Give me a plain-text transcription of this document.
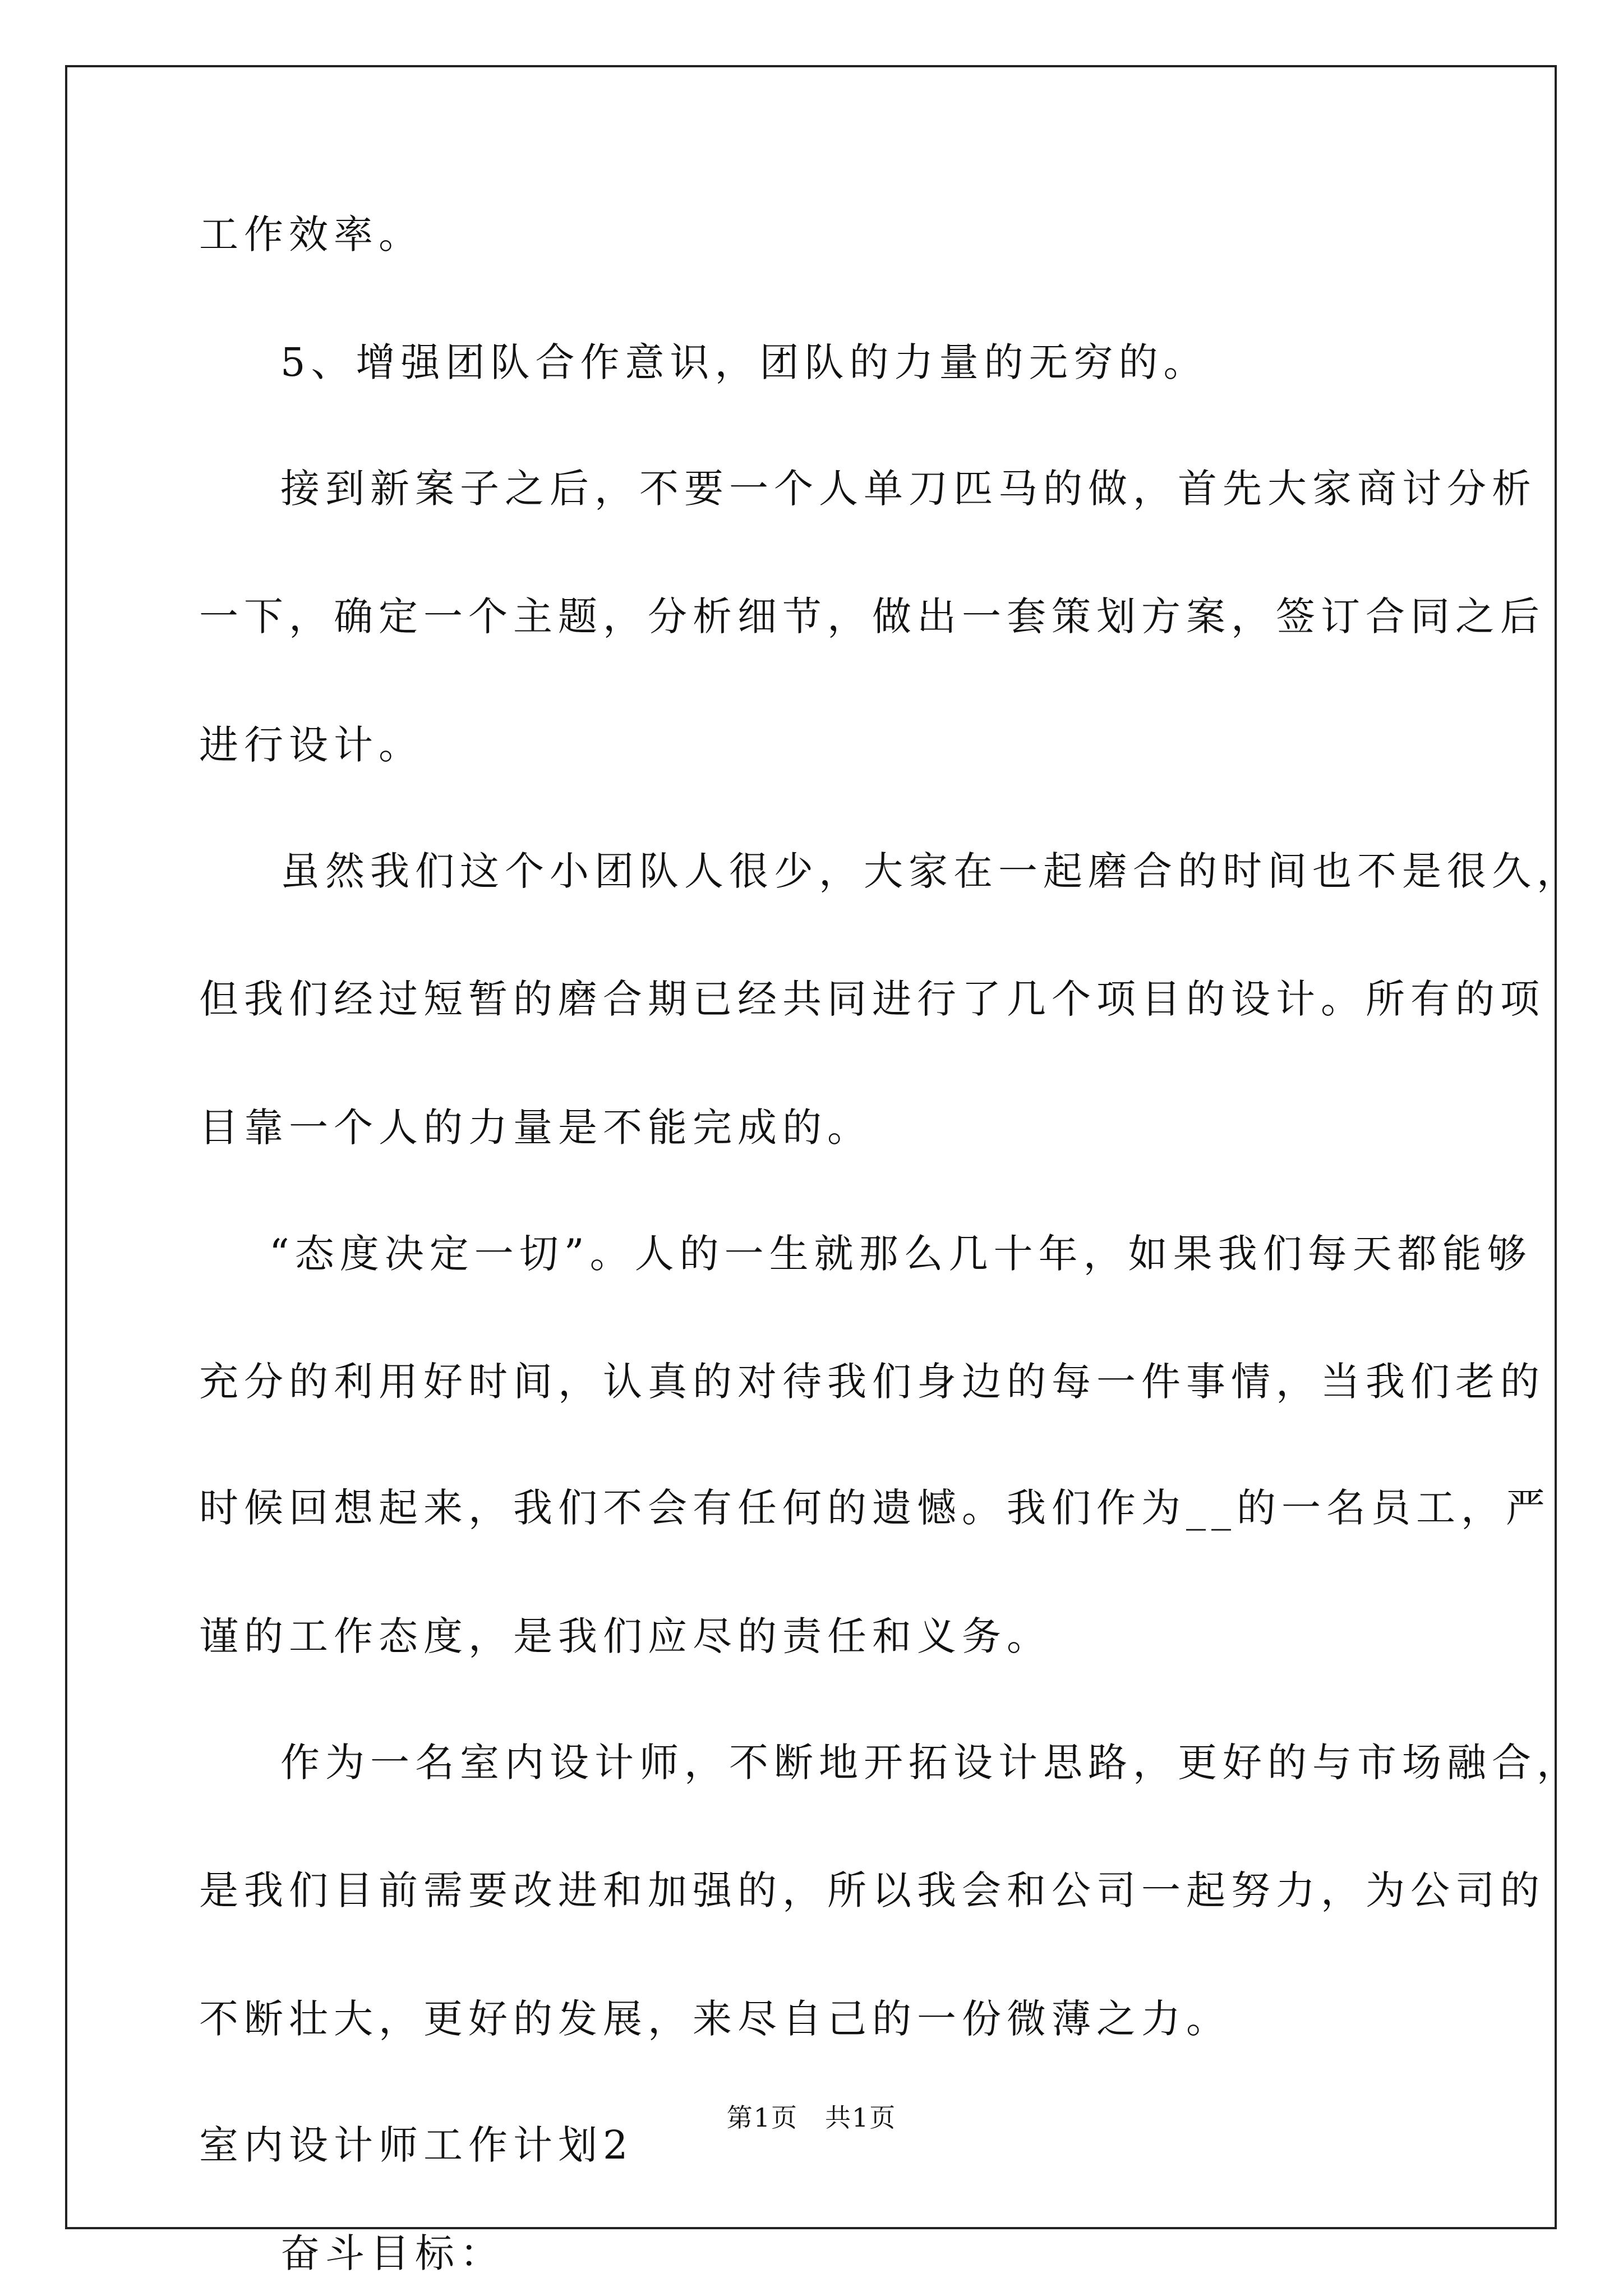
工作效率。
5、增强团队合作意识，团队的力量的无穷的。
接到新案子之后，不要一个人单刀匹马的做，首先大家商讨分析
一下，确定一个主题，分析细节，做出一套策划方案，签订合同之后
进行设计。
虽然我们这个小团队人很少，大家在一起磨合的时间也不是很久，
但我们经过短暂的磨合期已经共同进行了几个项目的设计。所有的项
目靠一个人的力量是不能完成的。
“态度决定一切”。人的一生就那么几十年，如果我们每天都能够
充分的利用好时间，认真的对待我们身边的每一件事情，当我们老的
时候回想起来，我们不会有任何的遗憾。我们作为__的一名员工，严
谨的工作态度，是我们应尽的责任和义务。
作为一名室内设计师，不断地开拓设计思路，更好的与市场融合，
是我们目前需要改进和加强的，所以我会和公司一起努力，为公司的
不断壮大，更好的发展，来尽自己的一份微薄之力。
室内设计师工作计划2
奋斗目标：
第1页　共1页
